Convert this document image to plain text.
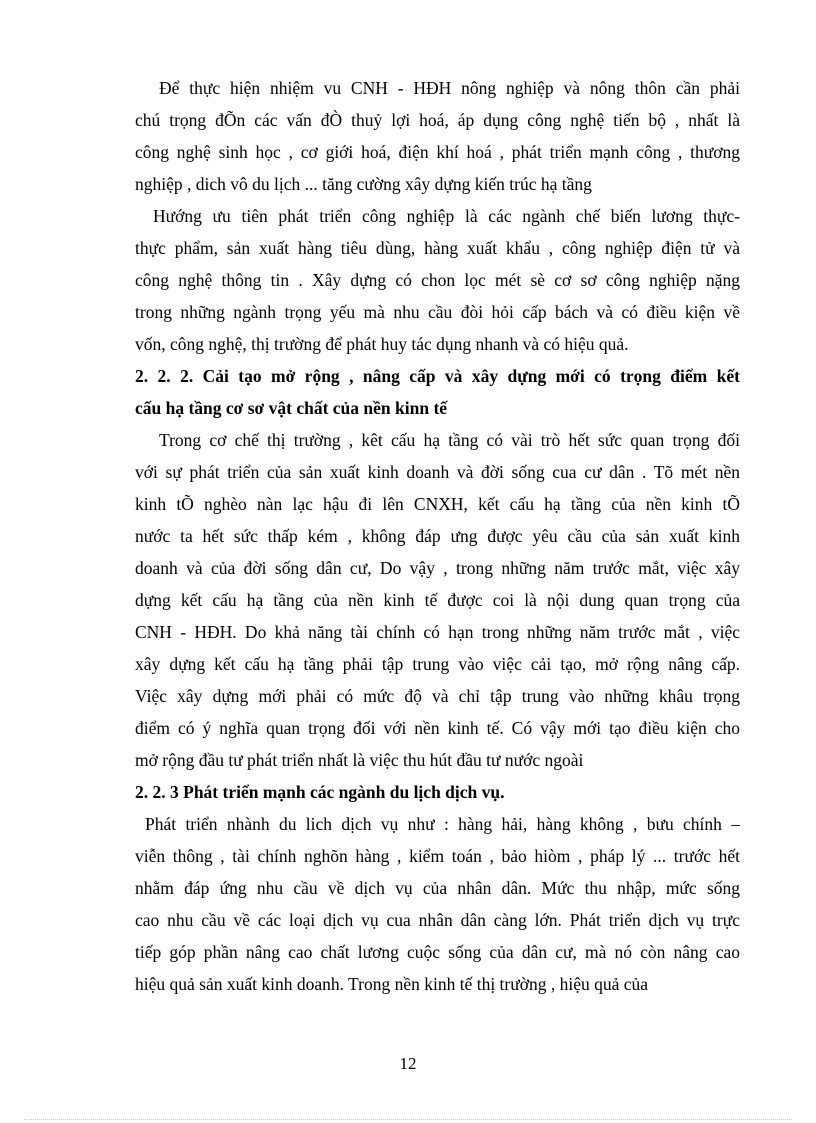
Để thực hiện nhiệm vu CNH - HĐH nông nghiệp và nông thôn cần phải
chú trọng đÕn các vấn đÒ thuỷ lợi hoá, áp dụng công nghệ tiến bộ , nhất là
công nghệ sinh học , cơ giới hoá, điện khí hoá , phát triển mạnh công , thương
nghiệp , dich vô du lịch ... tăng cường xây dựng kiến trúc hạ tầng
Hướng ưu tiên phát triển công nghiệp là các ngành chế biến lương thực-
thực phẩm, sản xuất hàng tiêu dùng, hàng xuất khẩu , công nghiệp điện tử và
công nghệ thông tin . Xây dựng có chon lọc mét sè cơ sơ công nghiệp nặng
trong những ngành trọng yếu mà nhu cầu đòi hỏi cấp bách và có điều kiện về
vốn, công nghệ, thị trường để phát huy tác dụng nhanh và có hiệu quả.
2. 2. 2. Cải tạo mở rộng , nâng cấp và xây dựng mới có trọng điểm kết
cấu hạ tầng cơ sơ vật chất của nền kinn tế
Trong cơ chế thị trường , kêt cấu hạ tầng có vài trò hết sức quan trọng đối
với sự phát triển của sản xuất kinh doanh và đời sống cua cư dân . Tõ mét nền
kinh tÕ nghèo nàn lạc hậu đi lên CNXH, kết cấu hạ tầng của nền kinh tÕ
nước ta hết sức thấp kém , không đáp ưng được yêu cầu của sản xuất kinh
doanh và của đời sống dân cư, Do vậy , trong những năm trước mắt, việc xây
dựng kết cấu hạ tầng của nền kinh tế được coi là nội dung quan trọng của
CNH - HĐH. Do khả năng tài chính có hạn trong những năm trước mắt , việc
xây dựng kết cấu hạ tầng phải tập trung vào việc cải tạo, mở rộng nâng cấp.
Việc xây dựng mới phải có mức độ và chỉ tập trung vào những khâu trọng
điểm có ý nghĩa quan trọng đối với nền kinh tế. Có vậy mới tạo điều kiện cho
mở rộng đầu tư phát triển nhất là việc thu hút đầu tư nước ngoài
2. 2. 3 Phát triển mạnh các ngành du lịch dịch vụ.
Phát triển nhành du lich dịch vụ như : hàng hải, hàng không , bưu chính –
viễn thông , tài chính nghõn hàng , kiểm toán , bảo hiòm , pháp lý ... trước hết
nhằm đáp ứng nhu cầu về dịch vụ của nhân dân. Mức thu nhập, mức sống
cao nhu cầu về các loại dịch vụ cua nhân dân càng lớn. Phát triển dịch vụ trực
tiếp góp phần nâng cao chất lương cuộc sống của dân cư, mà nó còn nâng cao
hiệu quả sản xuất kinh doanh. Trong nền kinh tế thị trường , hiệu quả của
12
